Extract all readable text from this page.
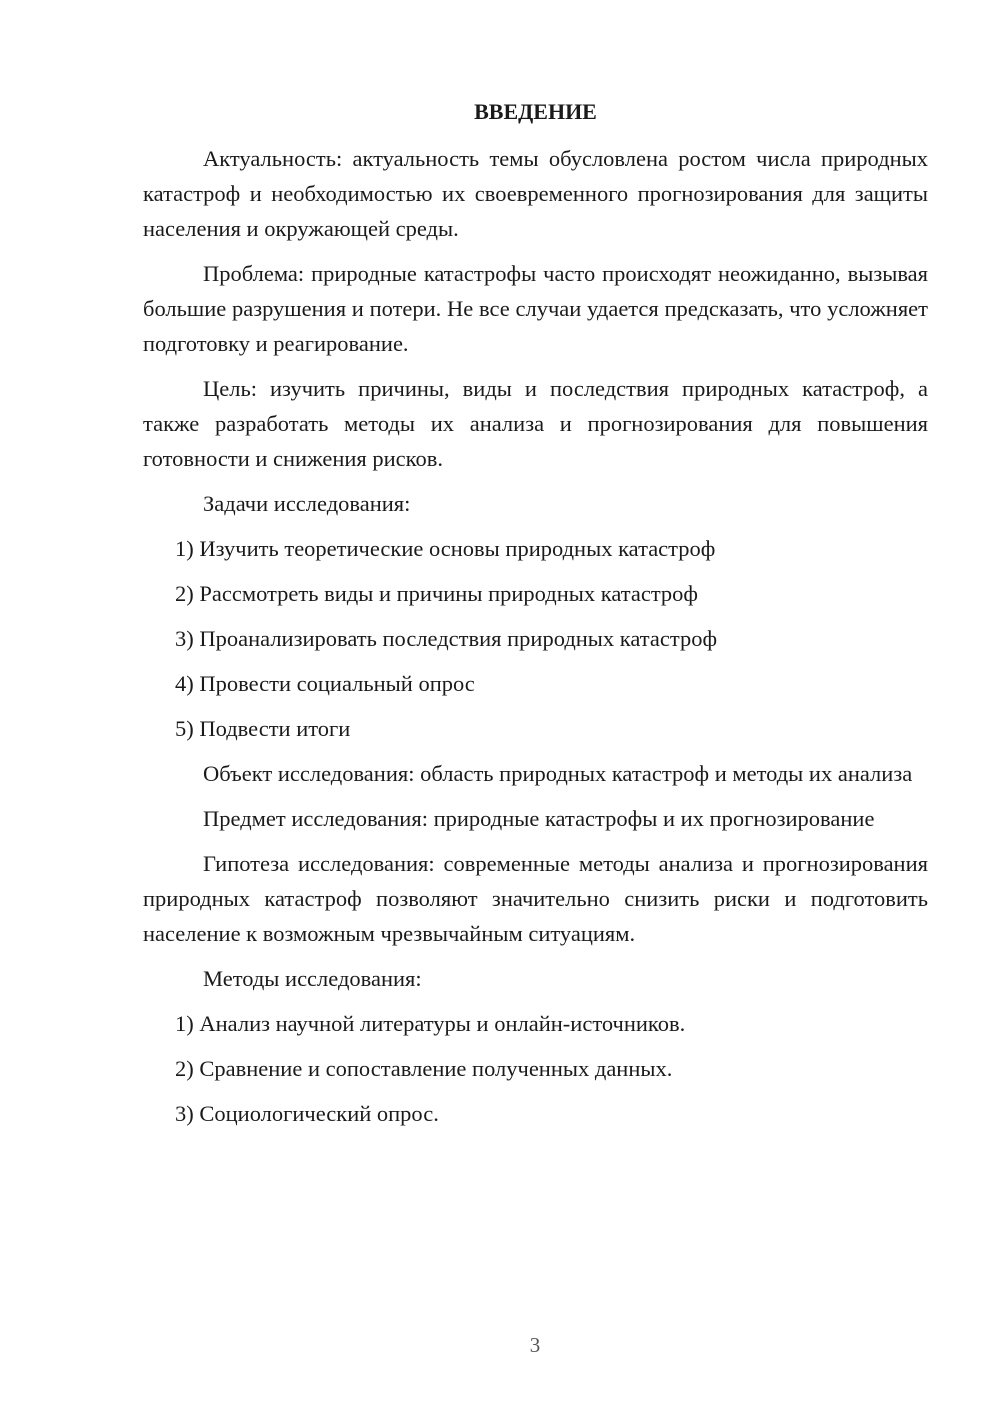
ВВЕДЕНИЕ

Актуальность: актуальность темы обусловлена ростом числа природных катастроф и необходимостью их своевременного прогнозирования для защиты населения и окружающей среды.

Проблема: природные катастрофы часто происходят неожиданно, вызывая большие разрушения и потери. Не все случаи удается предсказать, что усложняет подготовку и реагирование.

Цель: изучить причины, виды и последствия природных катастроф, а также разработать методы их анализа и прогнозирования для повышения готовности и снижения рисков.

Задачи исследования:

1) Изучить теоретические основы природных катастроф

2) Рассмотреть виды и причины природных катастроф

3) Проанализировать последствия природных катастроф

4) Провести социальный опрос

5) Подвести итоги

Объект исследования: область природных катастроф и методы их анализа

Предмет исследования: природные катастрофы и их прогнозирование

Гипотеза исследования: современные методы анализа и прогнозирования природных катастроф позволяют значительно снизить риски и подготовить население к возможным чрезвычайным ситуациям.

Методы исследования:

1) Анализ научной литературы и онлайн-источников.

2) Сравнение и сопоставление полученных данных.

3) Социологический опрос.

3
